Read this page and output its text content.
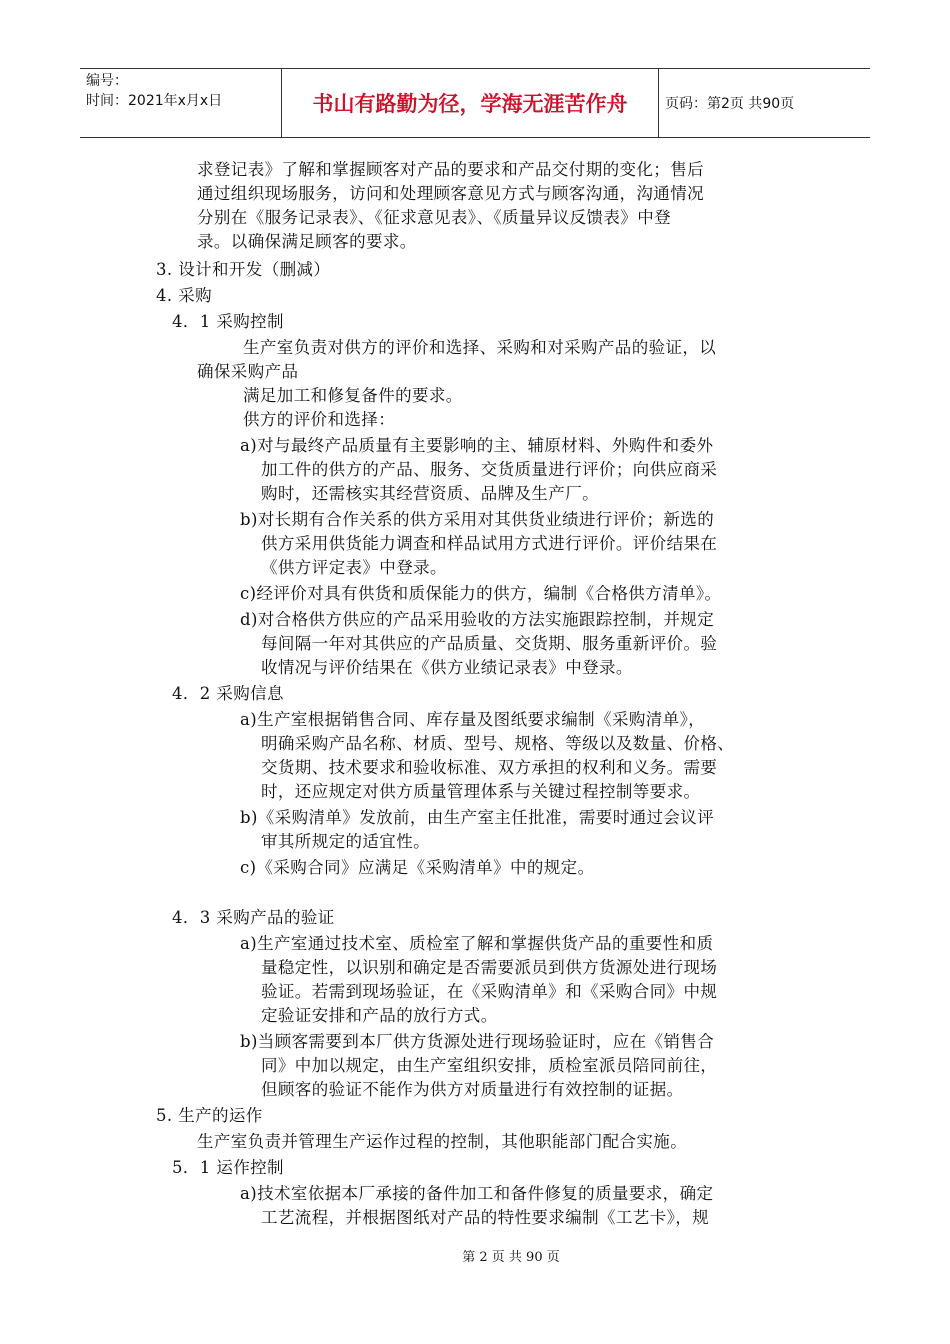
编号：
时间：2021年x月x日	书山有路勤为径，学海无涯苦作舟	页码：第2页 共90页
求登记表》了解和掌握顾客对产品的要求和产品交付期的变化；售后
通过组织现场服务，访问和处理顾客意见方式与顾客沟通，沟通情况
分别在《服务记录表》、《征求意见表》、《质量异议反馈表》中登
录。以确保满足顾客的要求。
3. 设计和开发（删减）
4. 采购
4．1 采购控制
生产室负责对供方的评价和选择、采购和对采购产品的验证，以
确保采购产品
满足加工和修复备件的要求。
供方的评价和选择：
a)对与最终产品质量有主要影响的主、辅原材料、外购件和委外
加工件的供方的产品、服务、交货质量进行评价；向供应商采
购时，还需核实其经营资质、品牌及生产厂。
b)对长期有合作关系的供方采用对其供货业绩进行评价；新选的
供方采用供货能力调查和样品试用方式进行评价。评价结果在
《供方评定表》中登录。
c)经评价对具有供货和质保能力的供方，编制《合格供方清单》。
d)对合格供方供应的产品采用验收的方法实施跟踪控制，并规定
每间隔一年对其供应的产品质量、交货期、服务重新评价。验
收情况与评价结果在《供方业绩记录表》中登录。
4．2 采购信息
a)生产室根据销售合同、库存量及图纸要求编制《采购清单》，
明确采购产品名称、材质、型号、规格、等级以及数量、价格、
交货期、技术要求和验收标准、双方承担的权利和义务。需要
时，还应规定对供方质量管理体系与关键过程控制等要求。
b)《采购清单》发放前，由生产室主任批准，需要时通过会议评
审其所规定的适宜性。
c)《采购合同》应满足《采购清单》中的规定。
4．3 采购产品的验证
a)生产室通过技术室、质检室了解和掌握供货产品的重要性和质
量稳定性，以识别和确定是否需要派员到供方货源处进行现场
验证。若需到现场验证，在《采购清单》和《采购合同》中规
定验证安排和产品的放行方式。
b)当顾客需要到本厂供方货源处进行现场验证时，应在《销售合
同》中加以规定，由生产室组织安排，质检室派员陪同前往，
但顾客的验证不能作为供方对质量进行有效控制的证据。
5. 生产的运作
生产室负责并管理生产运作过程的控制，其他职能部门配合实施。
5．1 运作控制
a)技术室依据本厂承接的备件加工和备件修复的质量要求，确定
工艺流程，并根据图纸对产品的特性要求编制《工艺卡》，规
第 2 页 共 90 页
